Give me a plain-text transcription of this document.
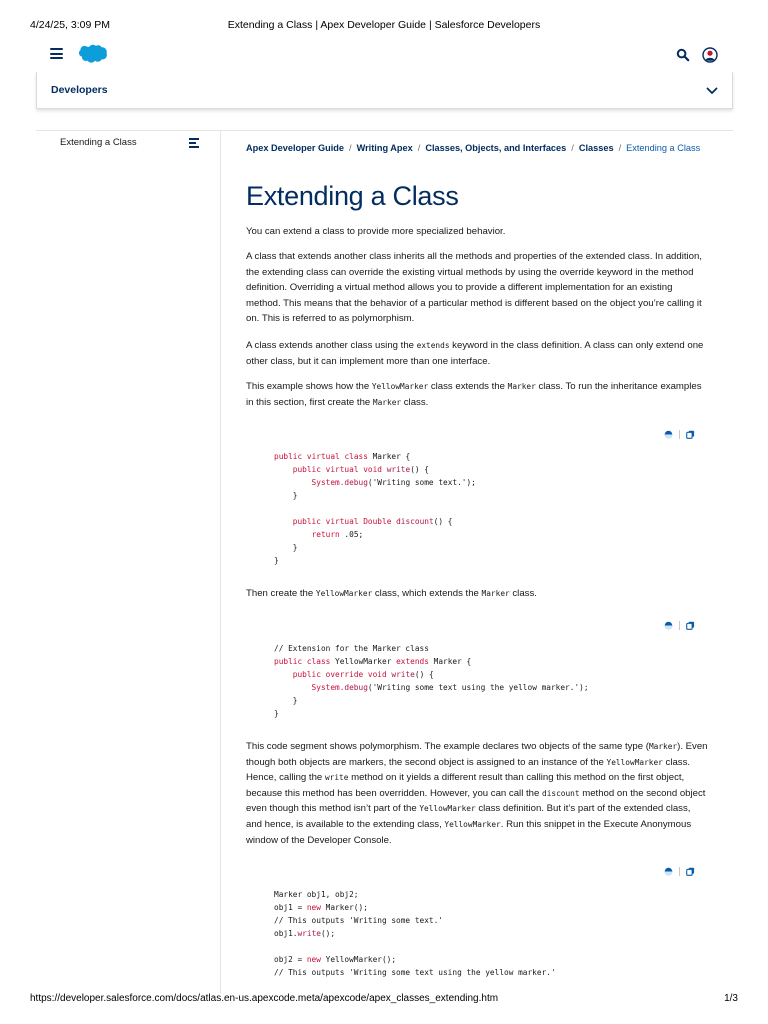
4/24/25, 3:09 PM	Extending a Class | Apex Developer Guide | Salesforce Developers
Developers
Extending a Class	Apex Developer Guide / Writing Apex / Classes, Objects, and Interfaces / Classes / Extending a Class
Extending a Class

You can extend a class to provide more specialized behavior.

A class that extends another class inherits all the methods and properties of the extended class. In addition, the extending class can override the existing virtual methods by using the override keyword in the method definition. Overriding a virtual method allows you to provide a different implementation for an existing method. This means that the behavior of a particular method is different based on the object you’re calling it on. This is referred to as polymorphism.

A class extends another class using the extends keyword in the class definition. A class can only extend one other class, but it can implement more than one interface.

This example shows how the YellowMarker class extends the Marker class. To run the inheritance examples in this section, first create the Marker class.

public virtual class Marker {
public virtual void write() {
System.debug('Writing some text.');
}

public virtual Double discount() {
return .05;
}
}

Then create the YellowMarker class, which extends the Marker class.

// Extension for the Marker class
public class YellowMarker extends Marker {
public override void write() {
System.debug('Writing some text using the yellow marker.');
}
}

This code segment shows polymorphism. The example declares two objects of the same type (Marker). Even though both objects are markers, the second object is assigned to an instance of the YellowMarker class. Hence, calling the write method on it yields a different result than calling this method on the first object, because this method has been overridden. However, you can call the discount method on the second object even though this method isn’t part of the YellowMarker class definition. But it’s part of the extended class, and hence, is available to the extending class, YellowMarker. Run this snippet in the Execute Anonymous window of the Developer Console.

Marker obj1, obj2;
obj1 = new Marker();
// This outputs 'Writing some text.'
obj1.write();

obj2 = new YellowMarker();
// This outputs 'Writing some text using the yellow marker.'
https://developer.salesforce.com/docs/atlas.en-us.apexcode.meta/apexcode/apex_classes_extending.htm	1/3
